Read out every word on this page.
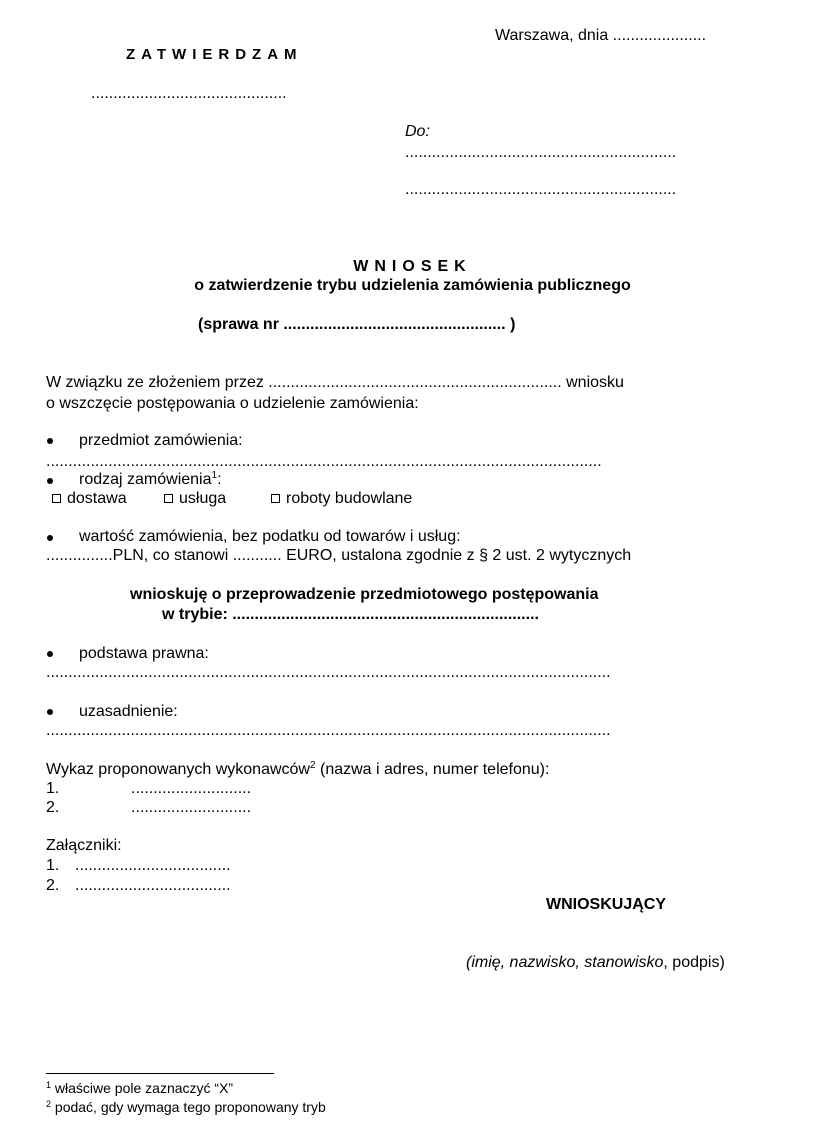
Warszawa, dnia .....................
ZATWIERDZAM
............................................
Do:
.............................................................
.............................................................
WNIOSEK
o zatwierdzenie trybu udzielenia zamówienia publicznego
(sprawa nr .................................................. )
W związku ze złożeniem przez .................................................................. wniosku
o wszczęcie postępowania o udzielenie zamówienia:
przedmiot zamówienia:
.............................................................................................................................
rodzaj zamówienia$^1$:
dostawa	usługa	roboty budowlane
wartość zamówienia, bez podatku od towarów i usług:
...............PLN, co stanowi ........... EURO, ustalona zgodnie z § 2 ust. 2 wytycznych
wnioskuję o przeprowadzenie przedmiotowego postępowania
w trybie: .....................................................................
podstawa prawna:
...............................................................................................................................
uzasadnienie:
...............................................................................................................................
Wykaz proponowanych wykonawców$^2$ (nazwa i adres, numer telefonu):
1.	...........................
2.	...........................
Załączniki:
1. ...................................
2. ...................................
WNIOSKUJĄCY
(imię, nazwisko, stanowisko, podpis)
$^1$ właściwe pole zaznaczyć “X”
$^2$ podać, gdy wymaga tego proponowany tryb
